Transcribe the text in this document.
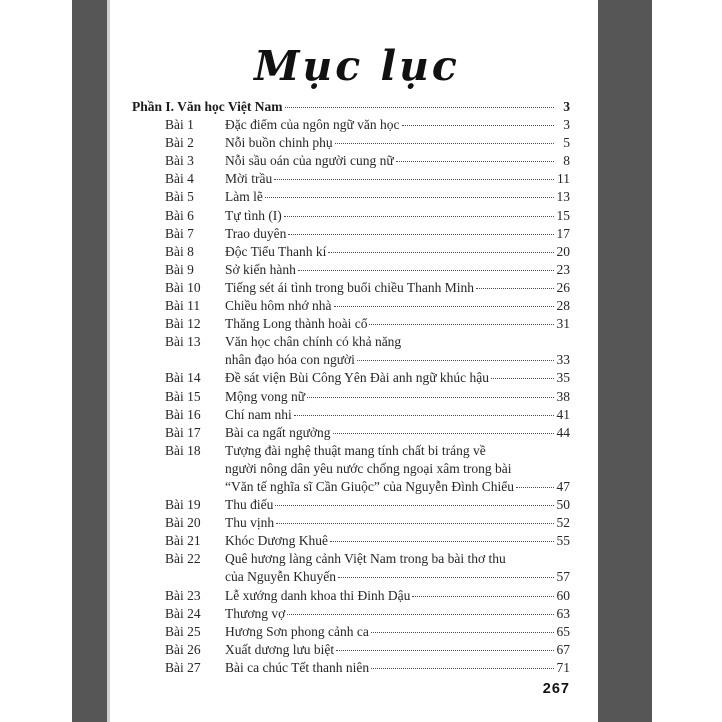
Mục lục
Phần I. Văn học Việt Nam	3
Bài 1	Đặc điểm của ngôn ngữ văn học	3
Bài 2	Nỗi buồn chinh phụ	5
Bài 3	Nỗi sầu oán của người cung nữ	8
Bài 4	Mời trầu	11
Bài 5	Làm lẽ	13
Bài 6	Tự tình (I)	15
Bài 7	Trao duyên	17
Bài 8	Độc Tiểu Thanh kí	20
Bài 9	Sở kiến hành	23
Bài 10	Tiếng sét ái tình trong buổi chiều Thanh Minh	26
Bài 11	Chiều hôm nhớ nhà	28
Bài 12	Thăng Long thành hoài cổ	31
Bài 13	Văn học chân chính có khả năng
nhân đạo hóa con người	33
Bài 14	Đề sát viện Bùi Công Yên Đài anh ngữ khúc hậu	35
Bài 15	Mộng vong nữ	38
Bài 16	Chí nam nhi	41
Bài 17	Bài ca ngất ngưởng	44
Bài 18	Tượng đài nghệ thuật mang tính chất bi tráng về
người nông dân yêu nước chống ngoại xâm trong bài
“Văn tế nghĩa sĩ Cần Giuộc” của Nguyễn Đình Chiểu	47
Bài 19	Thu điếu	50
Bài 20	Thu vịnh	52
Bài 21	Khóc Dương Khuê	55
Bài 22	Quê hương làng cảnh Việt Nam trong ba bài thơ thu
của Nguyễn Khuyến	57
Bài 23	Lễ xướng danh khoa thi Đinh Dậu	60
Bài 24	Thương vợ	63
Bài 25	Hương Sơn phong cảnh ca	65
Bài 26	Xuất dương lưu biệt	67
Bài 27	Bài ca chúc Tết thanh niên	71
267
